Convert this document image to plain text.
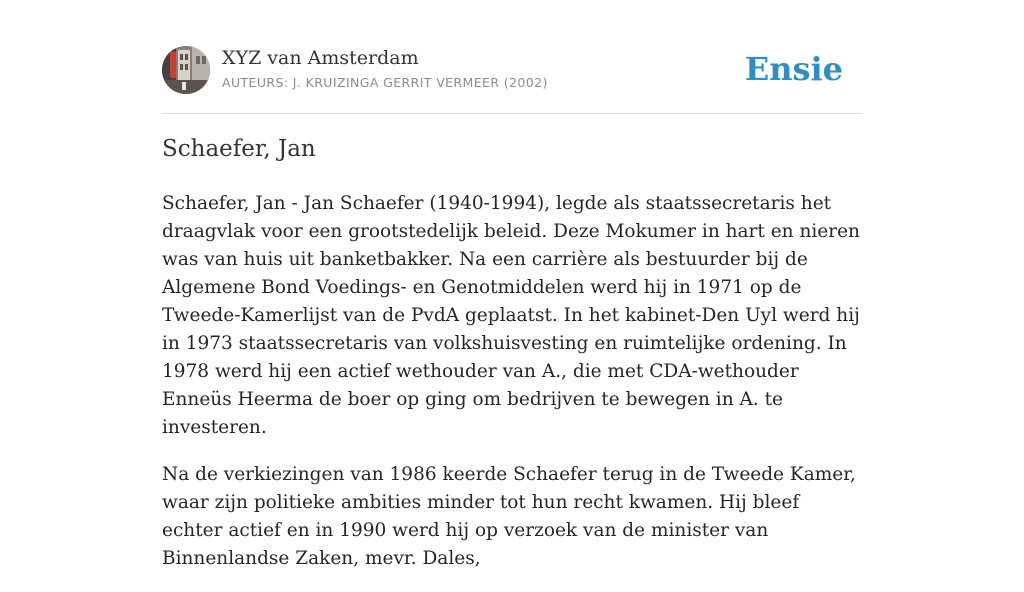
XYZ van Amsterdam
AUTEURS: J. KRUIZINGA GERRIT VERMEER (2002)	Ensie
Schaefer, Jan

Schaefer, Jan - Jan Schaefer (1940-1994), legde als staatssecretaris het draagvlak voor een grootstedelijk beleid. Deze Mokumer in hart en nieren was van huis uit banketbakker. Na een carrière als bestuurder bij de Algemene Bond Voedings- en Genotmiddelen werd hij in 1971 op de Tweede-Kamerlijst van de PvdA geplaatst. In het kabinet-Den Uyl werd hij in 1973 staatssecretaris van volkshuisvesting en ruimtelijke ordening. In 1978 werd hij een actief wethouder van A., die met CDA-wethouder Enneüs Heerma de boer op ging om bedrijven te bewegen in A. te investeren.

Na de verkiezingen van 1986 keerde Schaefer terug in de Tweede Kamer, waar zijn politieke ambities minder tot hun recht kwamen. Hij bleef echter actief en in 1990 werd hij op verzoek van de minister van Binnenlandse Zaken, mevr. Dales,
